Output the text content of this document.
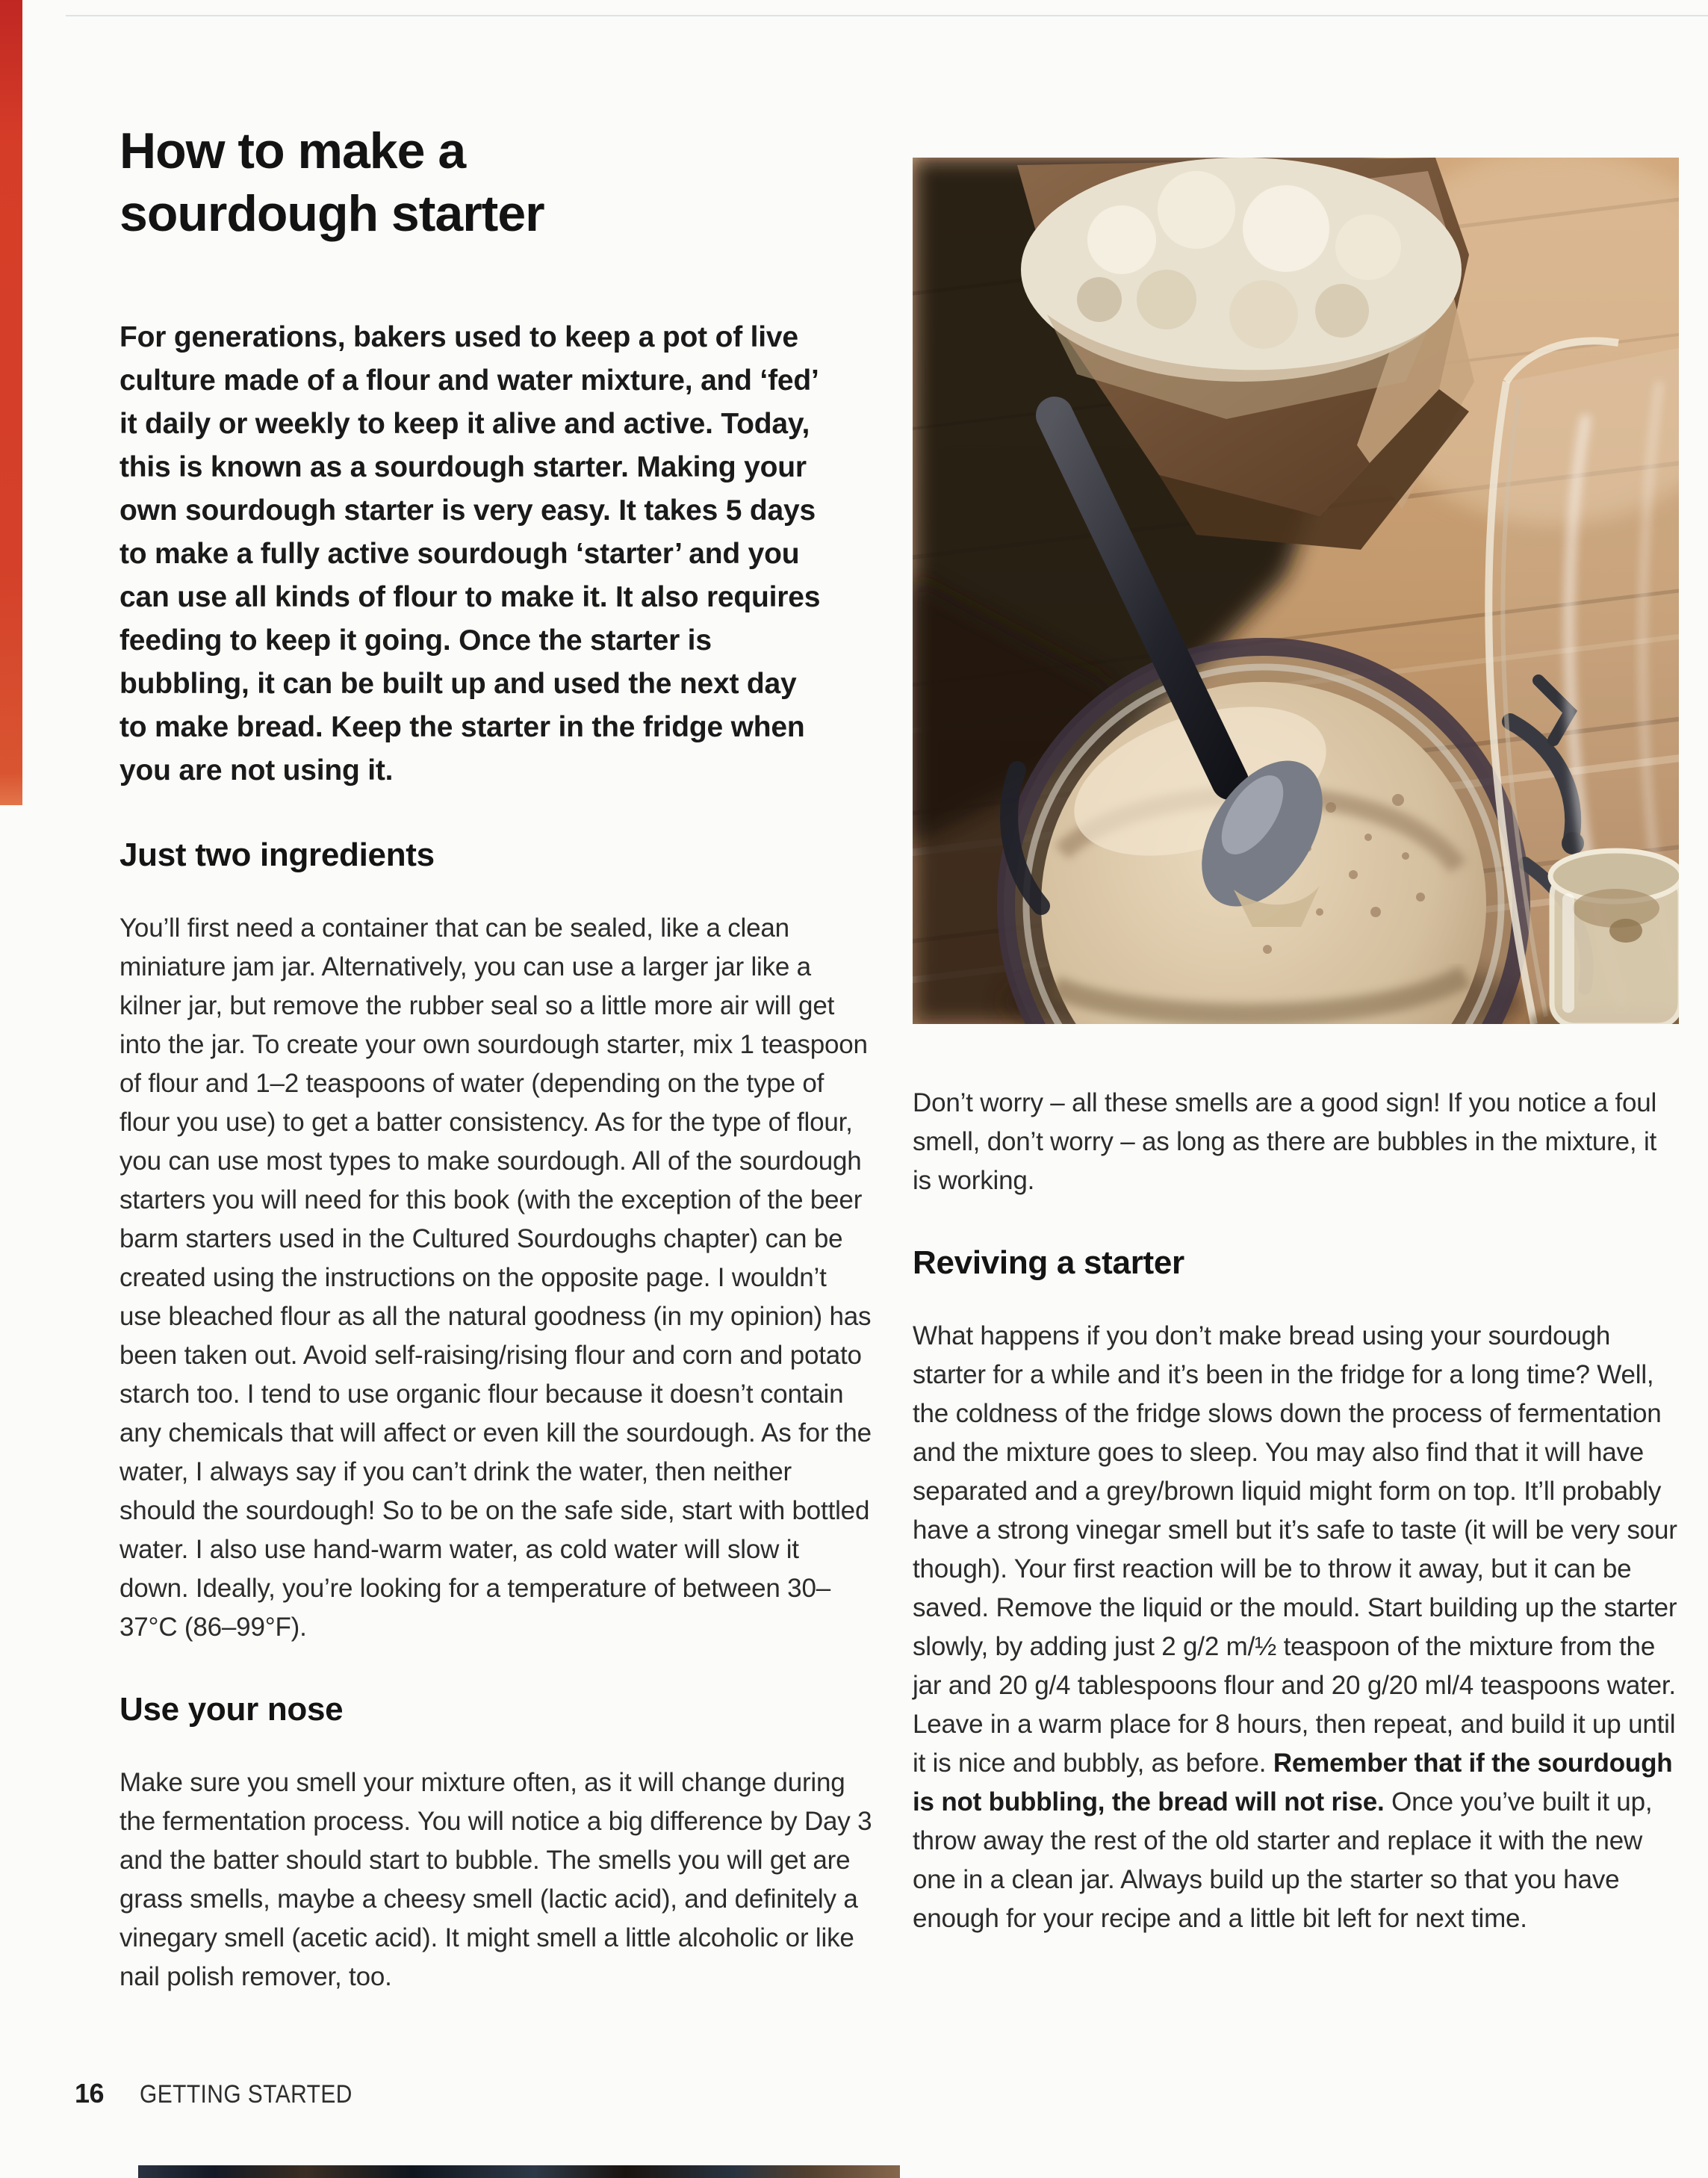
How to make a sourdough starter

For generations, bakers used to keep a pot of live culture made of a flour and water mixture, and ‘fed’ it daily or weekly to keep it alive and active. Today, this is known as a sourdough starter. Making your own sourdough starter is very easy. It takes 5 days to make a fully active sourdough ‘starter’ and you can use all kinds of flour to make it. It also requires feeding to keep it going. Once the starter is bubbling, it can be built up and used the next day to make bread. Keep the starter in the fridge when you are not using it.

Just two ingredients

You’ll first need a container that can be sealed, like a clean miniature jam jar. Alternatively, you can use a larger jar like a kilner jar, but remove the rubber seal so a little more air will get into the jar. To create your own sourdough starter, mix 1 teaspoon of flour and 1–2 teaspoons of water (depending on the type of flour you use) to get a batter consistency. As for the type of flour, you can use most types to make sourdough. All of the sourdough starters you will need for this book (with the exception of the beer barm starters used in the Cultured Sourdoughs chapter) can be created using the instructions on the opposite page. I wouldn’t use bleached flour as all the natural goodness (in my opinion) has been taken out. Avoid self-raising/rising flour and corn and potato starch too. I tend to use organic flour because it doesn’t contain any chemicals that will affect or even kill the sourdough. As for the water, I always say if you can’t drink the water, then neither should the sourdough! So to be on the safe side, start with bottled water. I also use hand-warm water, as cold water will slow it down. Ideally, you’re looking for a temperature of between 30–37°C (86–99°F).

Use your nose

Make sure you smell your mixture often, as it will change during the fermentation process. You will notice a big difference by Day 3 and the batter should start to bubble. The smells you will get are grass smells, maybe a cheesy smell (lactic acid), and definitely a vinegary smell (acetic acid). It might smell a little alcoholic or like nail polish remover, too.

Don’t worry – all these smells are a good sign! If you notice a foul smell, don’t worry – as long as there are bubbles in the mixture, it is working.

Reviving a starter

What happens if you don’t make bread using your sourdough starter for a while and it’s been in the fridge for a long time? Well, the coldness of the fridge slows down the process of fermentation and the mixture goes to sleep. You may also find that it will have separated and a grey/brown liquid might form on top. It’ll probably have a strong vinegar smell but it’s safe to taste (it will be very sour though). Your first reaction will be to throw it away, but it can be saved. Remove the liquid or the mould. Start building up the starter slowly, by adding just 2 g/2 m/½ teaspoon of the mixture from the jar and 20 g/4 tablespoons flour and 20 g/20 ml/4 teaspoons water. Leave in a warm place for 8 hours, then repeat, and build it up until it is nice and bubbly, as before. Remember that if the sourdough is not bubbling, the bread will not rise. Once you’ve built it up, throw away the rest of the old starter and replace it with the new one in a clean jar. Always build up the starter so that you have enough for your recipe and a little bit left for next time.

16 GETTING STARTED
